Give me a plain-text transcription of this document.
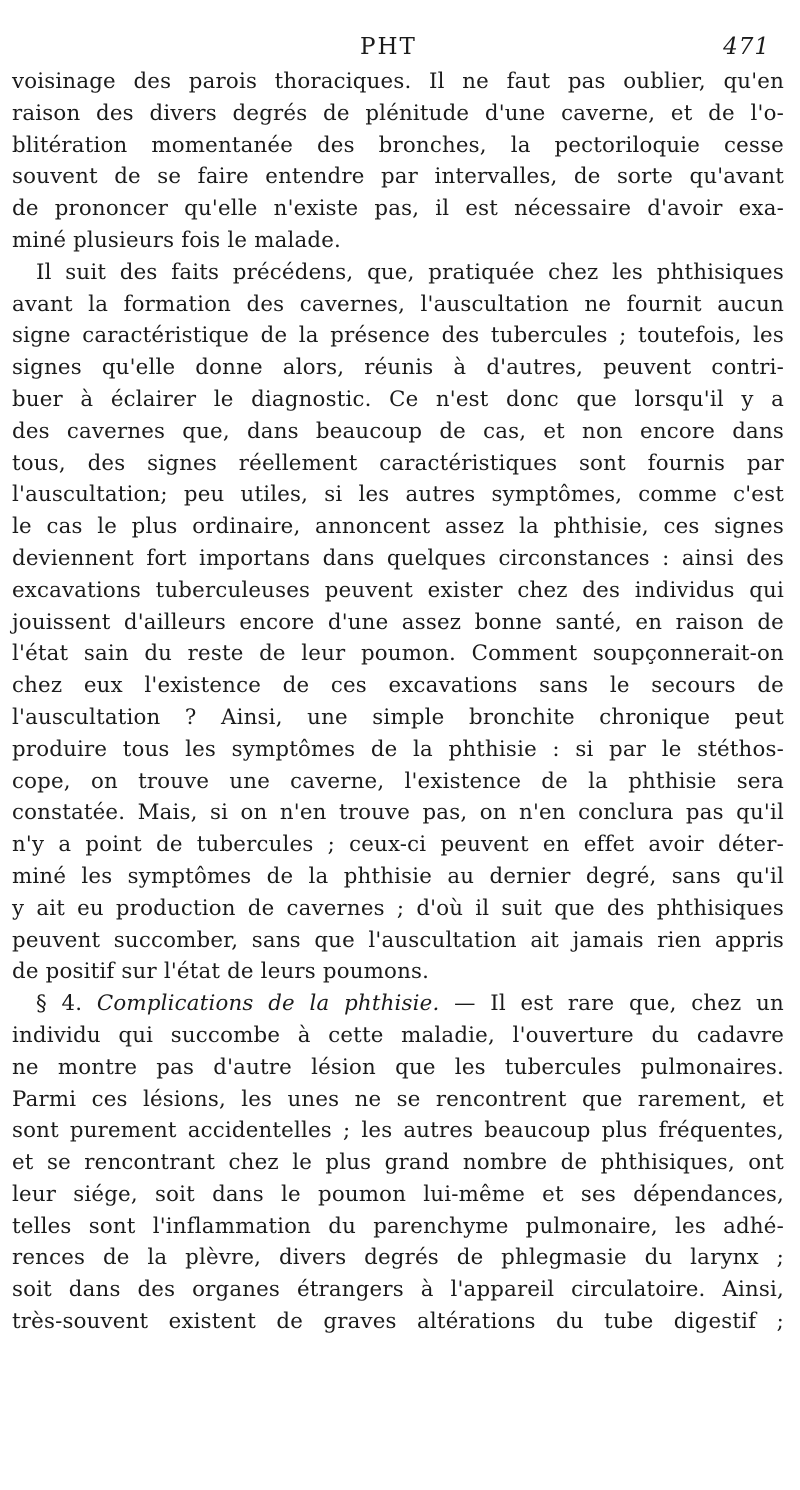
PHT	471
voisinage des parois thoraciques. Il ne faut pas oublier, qu'en
raison des divers degrés de plénitude d'une caverne, et de l'o-
blitération momentanée des bronches, la pectoriloquie cesse
souvent de se faire entendre par intervalles, de sorte qu'avant
de prononcer qu'elle n'existe pas, il est nécessaire d'avoir exa-
miné plusieurs fois le malade.
Il suit des faits précédens, que, pratiquée chez les phthisiques
avant la formation des cavernes, l'auscultation ne fournit aucun
signe caractéristique de la présence des tubercules ; toutefois, les
signes qu'elle donne alors, réunis à d'autres, peuvent contri-
buer à éclairer le diagnostic. Ce n'est donc que lorsqu'il y a
des cavernes que, dans beaucoup de cas, et non encore dans
tous, des signes réellement caractéristiques sont fournis par
l'auscultation; peu utiles, si les autres symptômes, comme c'est
le cas le plus ordinaire, annoncent assez la phthisie, ces signes
deviennent fort importans dans quelques circonstances : ainsi des
excavations tuberculeuses peuvent exister chez des individus qui
jouissent d'ailleurs encore d'une assez bonne santé, en raison de
l'état sain du reste de leur poumon. Comment soupçonnerait-on
chez eux l'existence de ces excavations sans le secours de
l'auscultation ? Ainsi, une simple bronchite chronique peut
produire tous les symptômes de la phthisie : si par le stéthos-
cope, on trouve une caverne, l'existence de la phthisie sera
constatée. Mais, si on n'en trouve pas, on n'en conclura pas qu'il
n'y a point de tubercules ; ceux-ci peuvent en effet avoir déter-
miné les symptômes de la phthisie au dernier degré, sans qu'il
y ait eu production de cavernes ; d'où il suit que des phthisiques
peuvent succomber, sans que l'auscultation ait jamais rien appris
de positif sur l'état de leurs poumons.
§ 4. Complications de la phthisie. — Il est rare que, chez un
individu qui succombe à cette maladie, l'ouverture du cadavre
ne montre pas d'autre lésion que les tubercules pulmonaires.
Parmi ces lésions, les unes ne se rencontrent que rarement, et
sont purement accidentelles ; les autres beaucoup plus fréquentes,
et se rencontrant chez le plus grand nombre de phthisiques, ont
leur siége, soit dans le poumon lui-même et ses dépendances,
telles sont l'inflammation du parenchyme pulmonaire, les adhé-
rences de la plèvre, divers degrés de phlegmasie du larynx ;
soit dans des organes étrangers à l'appareil circulatoire. Ainsi,
très-souvent existent de graves altérations du tube digestif ;
